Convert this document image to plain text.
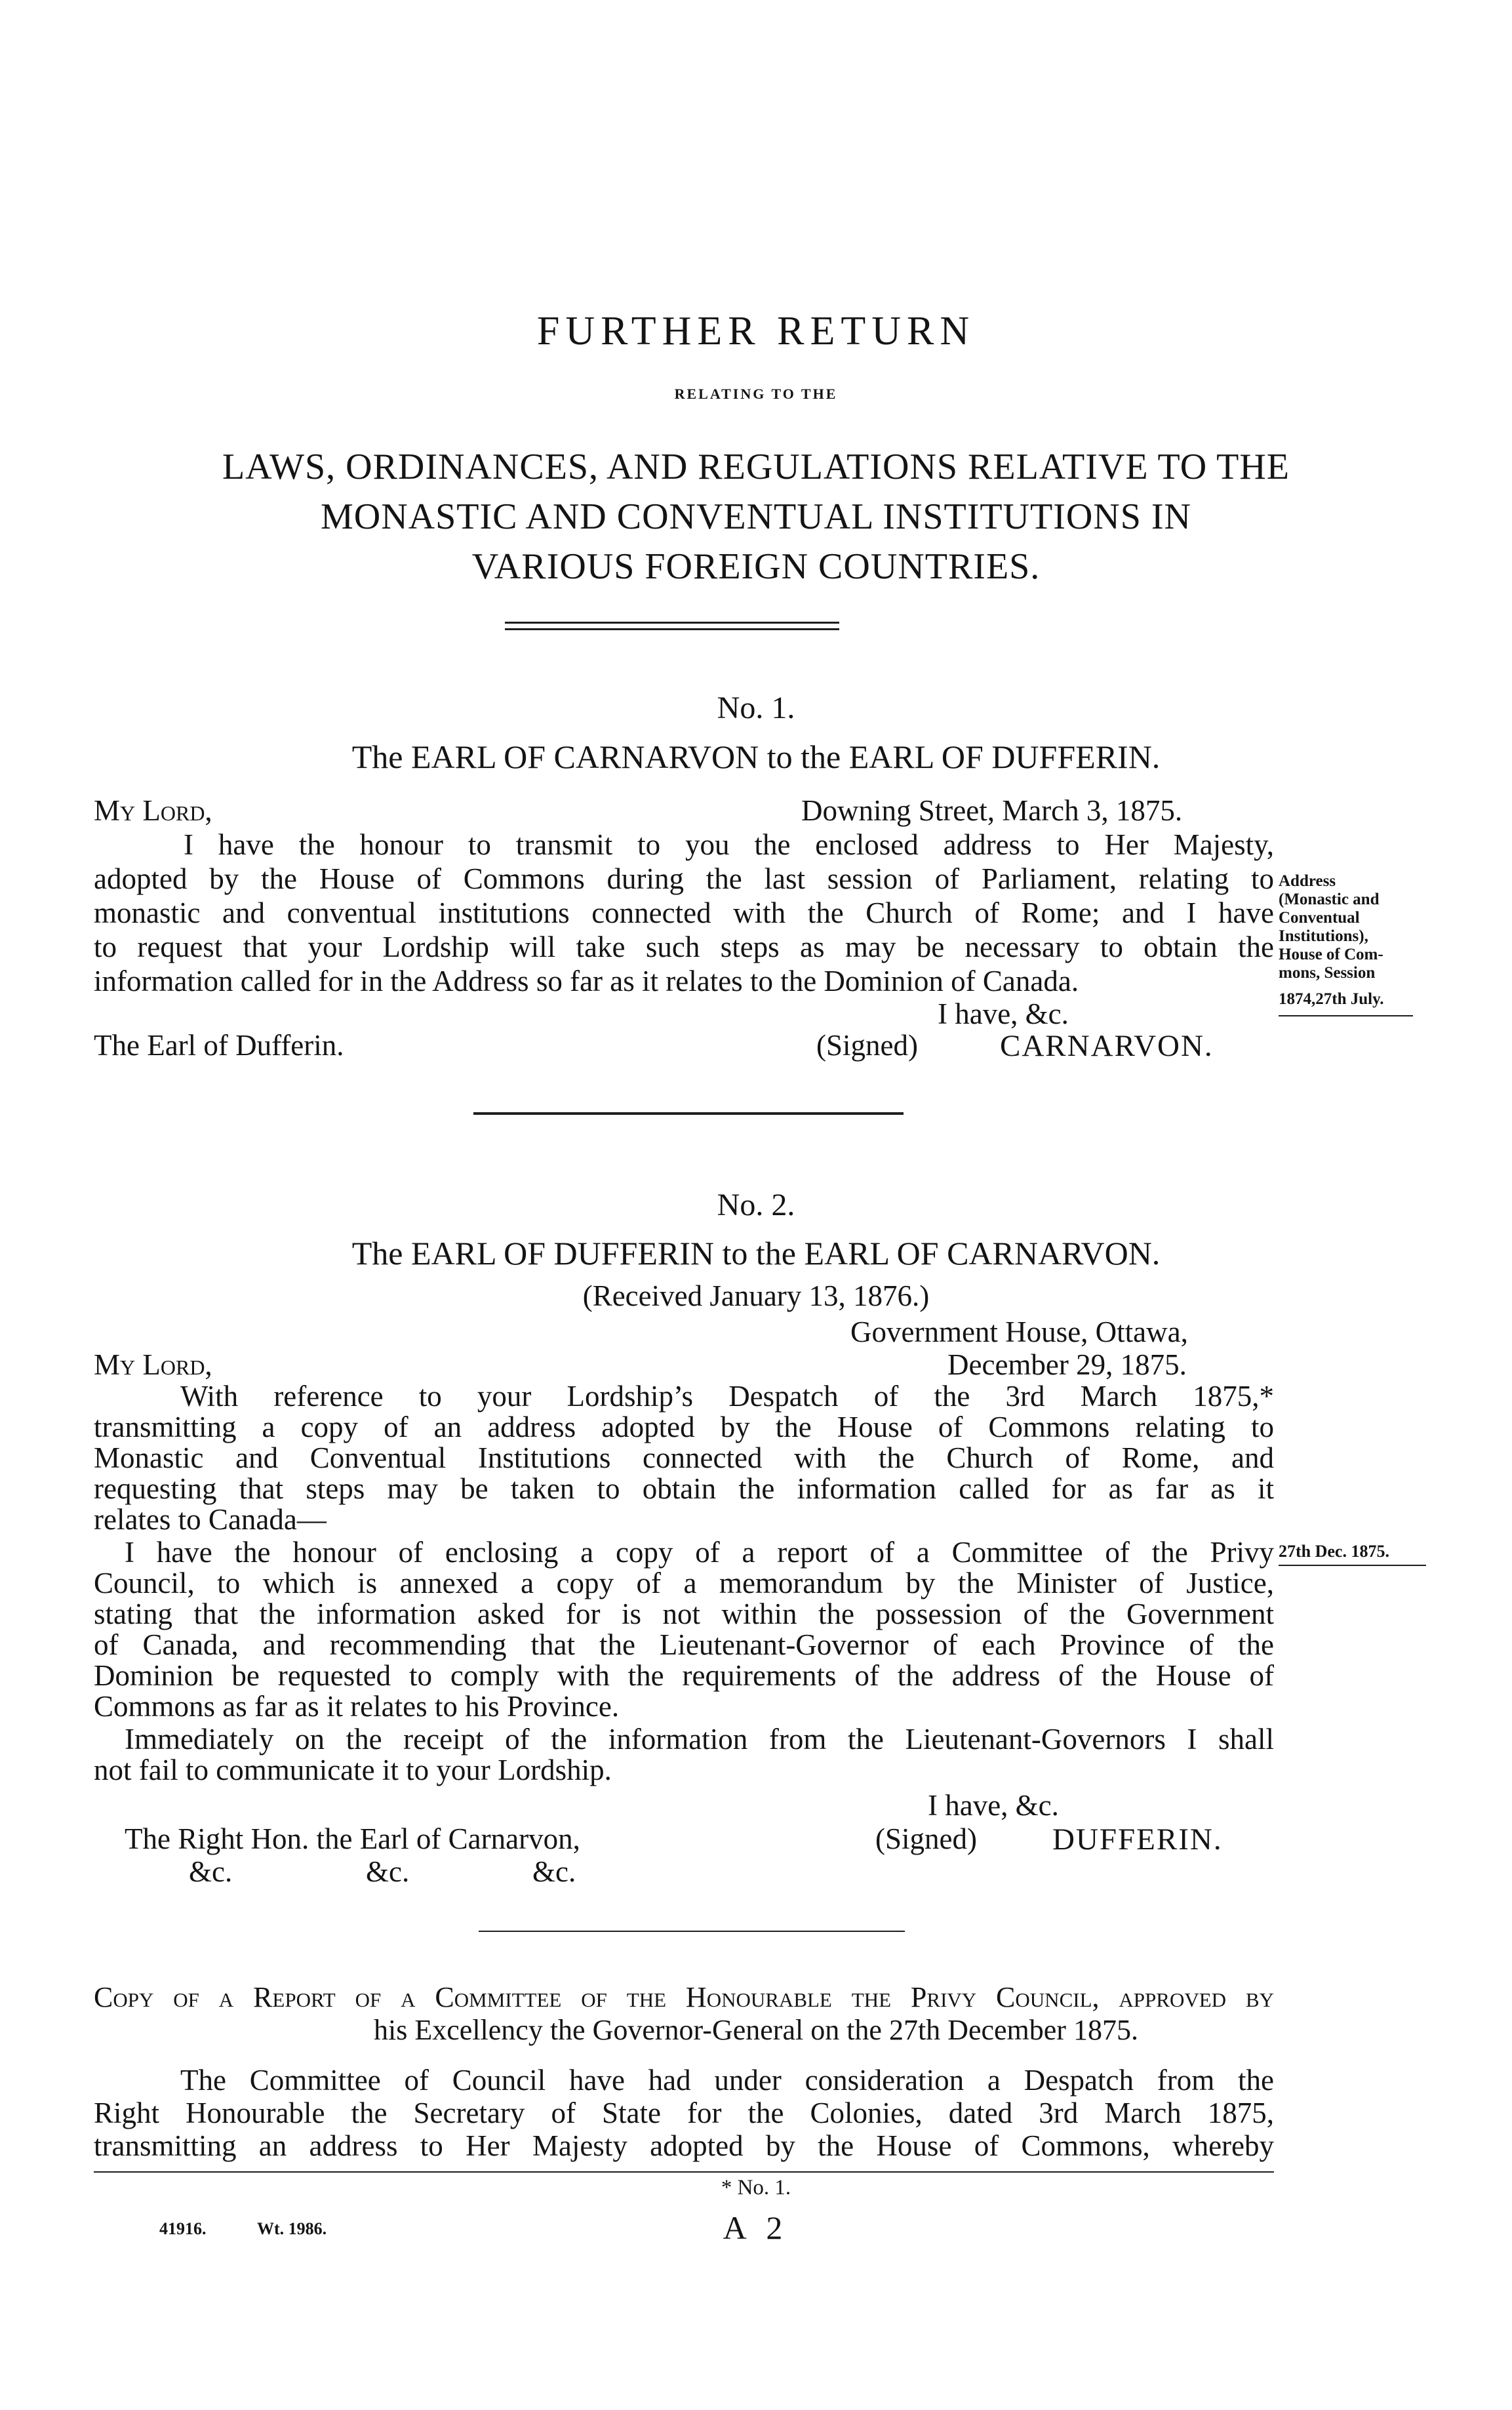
FURTHER RETURN
RELATING TO THE
LAWS, ORDINANCES, AND REGULATIONS RELATIVE TO THE
MONASTIC AND CONVENTUAL INSTITUTIONS IN
VARIOUS FOREIGN COUNTRIES.
No. 1.
The EARL OF CARNARVON to the EARL OF DUFFERIN.
My Lord,	Downing Street, March 3, 1875.
I have the honour to transmit to you the enclosed address to Her Majesty,
adopted by the House of Commons during the last session of Parliament, relating to
monastic and conventual institutions connected with the Church of Rome; and I have
to request that your Lordship will take such steps as may be necessary to obtain the
information called for in the Address so far as it relates to the Dominion of Canada.
I have, &c.
The Earl of Dufferin.	(Signed)	CARNARVON.
Address
(Monastic and
Conventual
Institutions),
House of Com-
mons, Session
1874,27th July.
No. 2.
The EARL OF DUFFERIN to the EARL OF CARNARVON.
(Received January 13, 1876.)
Government House, Ottawa,
My Lord,	December 29, 1875.
With reference to your Lordship’s Despatch of the 3rd March 1875,*
transmitting a copy of an address adopted by the House of Commons relating to
Monastic and Conventual Institutions connected with the Church of Rome, and
requesting that steps may be taken to obtain the information called for as far as it
relates to Canada—
I have the honour of enclosing a copy of a report of a Committee of the Privy
Council, to which is annexed a copy of a memorandum by the Minister of Justice,
stating that the information asked for is not within the possession of the Government
of Canada, and recommending that the Lieutenant-Governor of each Province of the
Dominion be requested to comply with the requirements of the address of the House of
Commons as far as it relates to his Province.
Immediately on the receipt of the information from the Lieutenant-Governors I shall
not fail to communicate it to your Lordship.
27th Dec. 1875.
I have, &c.
The Right Hon. the Earl of Carnarvon,	(Signed) DUFFERIN.
&c.	&c.	&c.
Copy of a Report of a Committee of the Honourable the Privy Council, approved by
his Excellency the Governor-General on the 27th December 1875.
The Committee of Council have had under consideration a Despatch from the
Right Honourable the Secretary of State for the Colonies, dated 3rd March 1875,
transmitting an address to Her Majesty adopted by the House of Commons, whereby
* No. 1.
41916.	Wt. 1986.	A 2
